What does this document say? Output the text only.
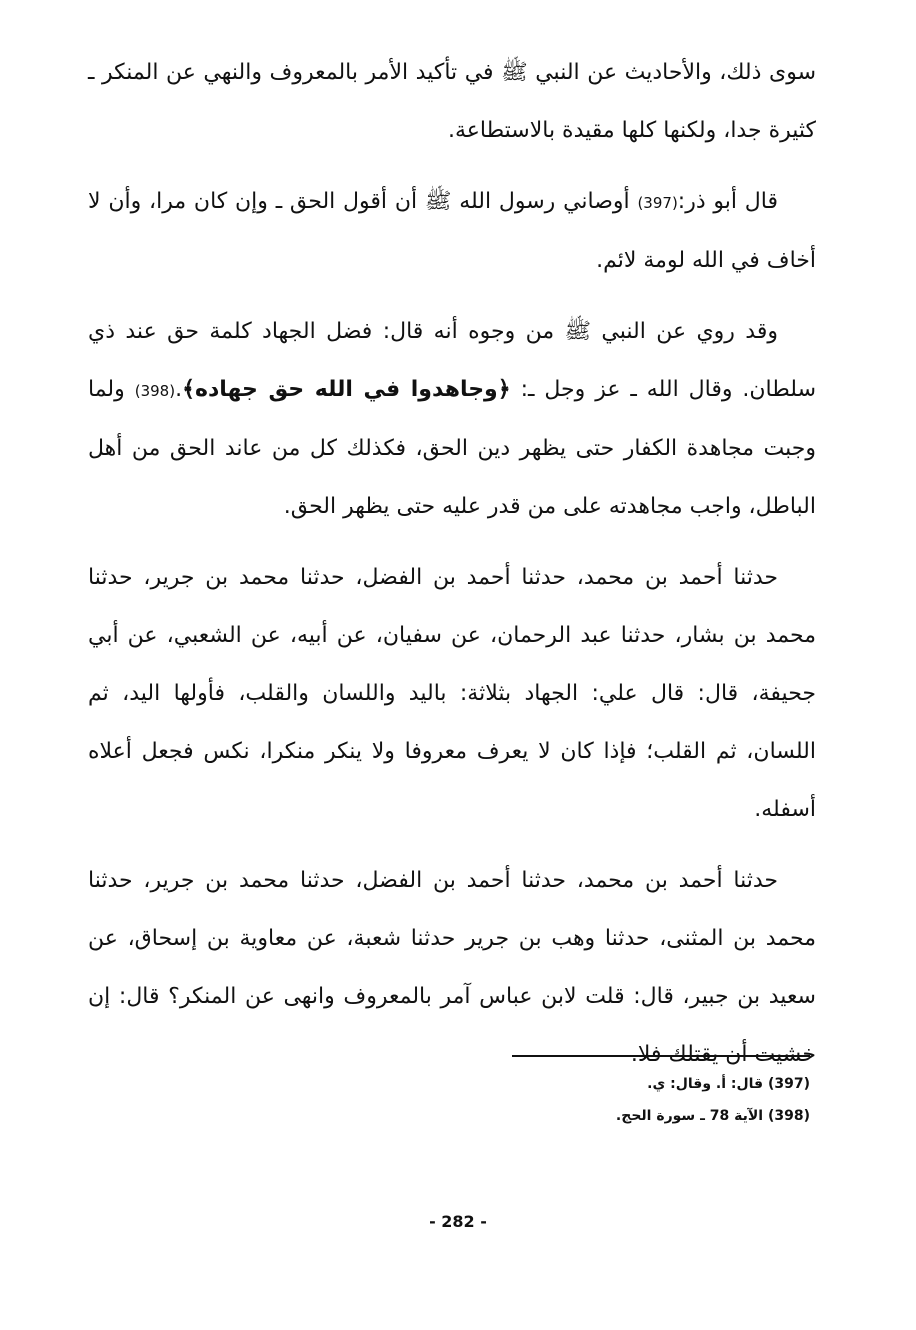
سوى ذلك، والأحاديث عن النبي ﷺ في تأكيد الأمر بالمعروف والنهي عن المنكر ـ كثيرة جدا، ولكنها كلها مقيدة بالاستطاعة.

قال أبو ذر:(397) أوصاني رسول الله ﷺ أن أقول الحق ـ وإن كان مرا، وأن لا أخاف في الله لومة لائم.

وقد روي عن النبي ﷺ من وجوه أنه قال: فضل الجهاد كلمة حق عند ذي سلطان. وقال الله ـ عز وجل ـ: ﴿وجاهدوا في الله حق جهاده﴾.(398) ولما وجبت مجاهدة الكفار حتى يظهر دين الحق، فكذلك كل من عاند الحق من أهل الباطل، واجب مجاهدته على من قدر عليه حتى يظهر الحق.

حدثنا أحمد بن محمد، حدثنا أحمد بن الفضل، حدثنا محمد بن جرير، حدثنا محمد بن بشار، حدثنا عبد الرحمان، عن سفيان، عن أبيه، عن الشعبي، عن أبي جحيفة، قال: قال علي: الجهاد بثلاثة: باليد واللسان والقلب، فأولها اليد، ثم اللسان، ثم القلب؛ فإذا كان لا يعرف معروفا ولا ينكر منكرا، نكس فجعل أعلاه أسفله.

حدثنا أحمد بن محمد، حدثنا أحمد بن الفضل، حدثنا محمد بن جرير، حدثنا محمد بن المثنى، حدثنا وهب بن جرير حدثنا شعبة، عن معاوية بن إسحاق، عن سعيد بن جبير، قال: قلت لابن عباس آمر بالمعروف وانهى عن المنكر؟ قال: إن خشيت أن يقتلك فلا.

(397) قال: أ. وقال: ي.

(398) الآية 78 ـ سورة الحج.

- 282 -
